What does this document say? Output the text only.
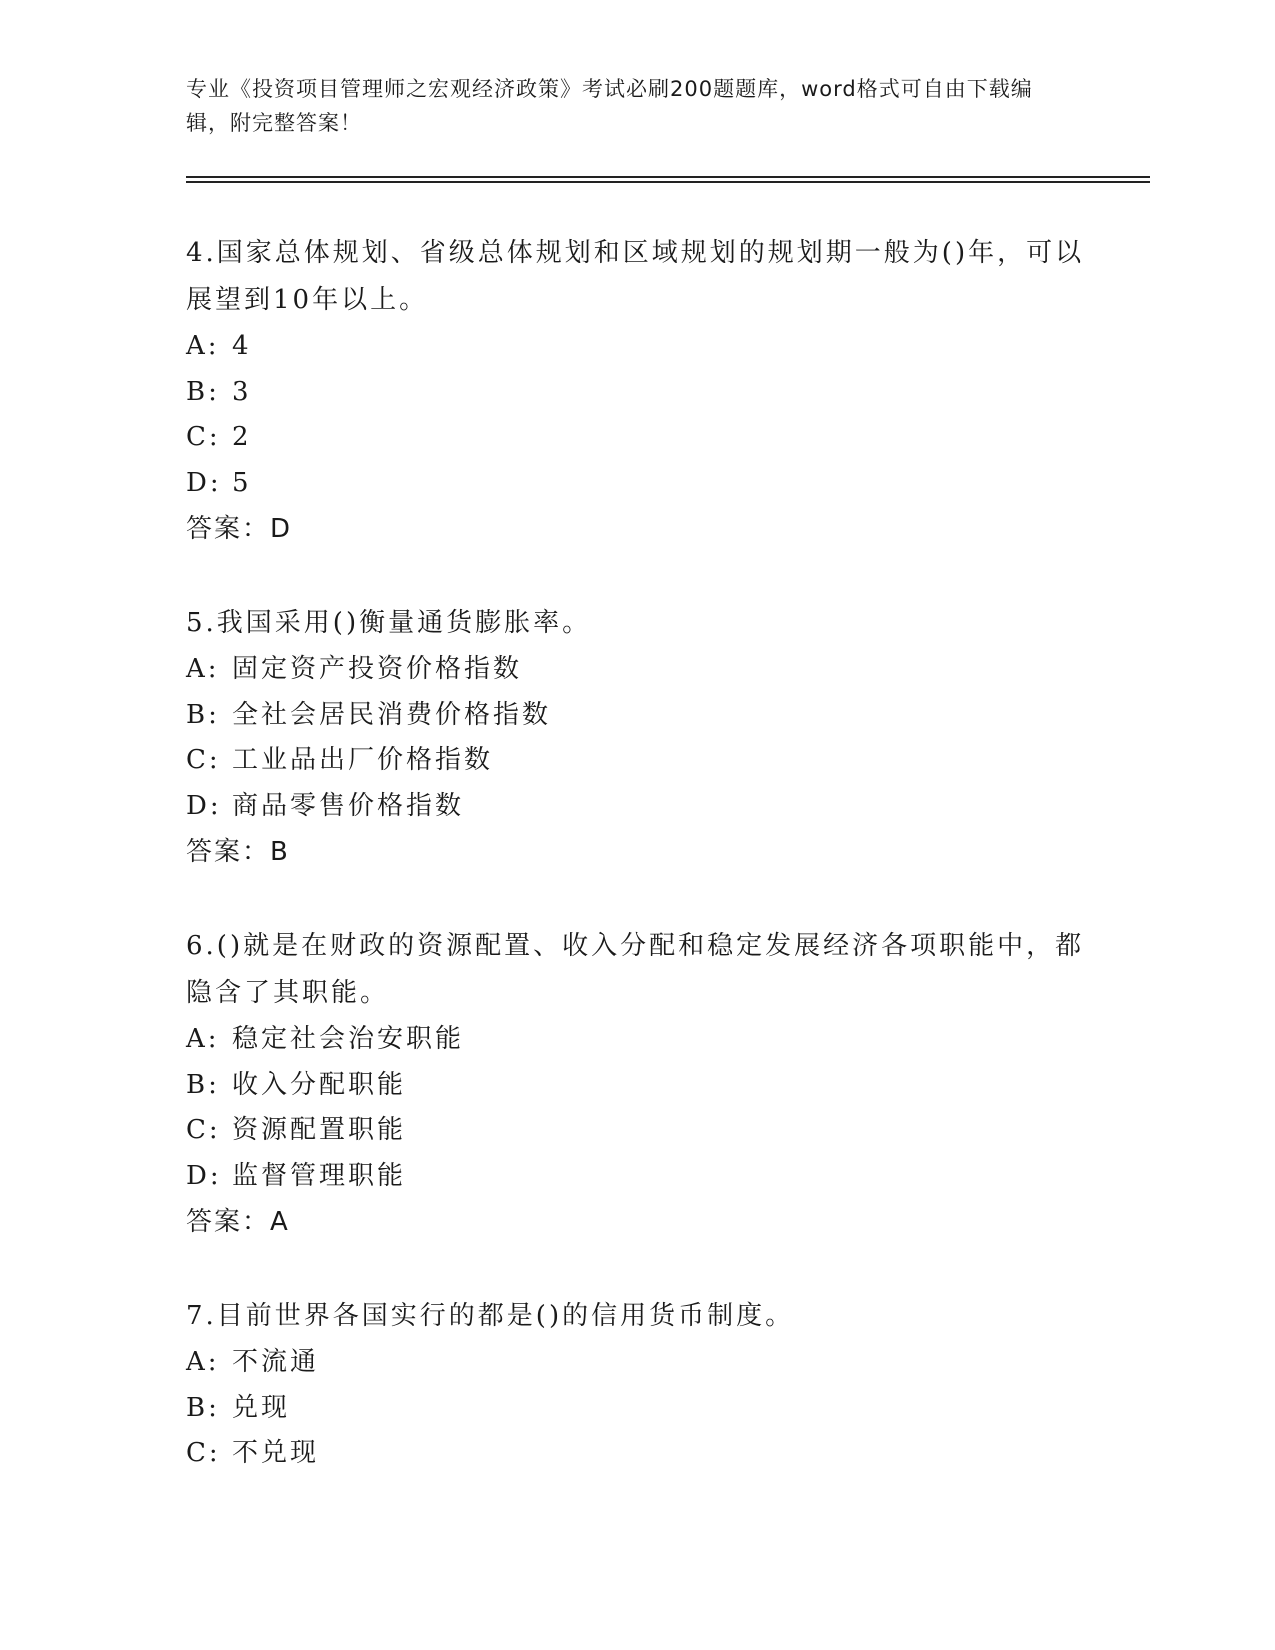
专业《投资项目管理师之宏观经济政策》考试必刷200题题库，word格式可自由下载编辑，附完整答案！

4.国家总体规划、省级总体规划和区域规划的规划期一般为()年，可以展望到10年以上。

A: 4
B: 3
C: 2
D: 5
答案：D

5.我国采用()衡量通货膨胀率。

A: 固定资产投资价格指数
B: 全社会居民消费价格指数
C: 工业品出厂价格指数
D: 商品零售价格指数
答案：B

6.()就是在财政的资源配置、收入分配和稳定发展经济各项职能中，都隐含了其职能。

A: 稳定社会治安职能
B: 收入分配职能
C: 资源配置职能
D: 监督管理职能
答案：A

7.目前世界各国实行的都是()的信用货币制度。

A: 不流通
B: 兑现
C: 不兑现
